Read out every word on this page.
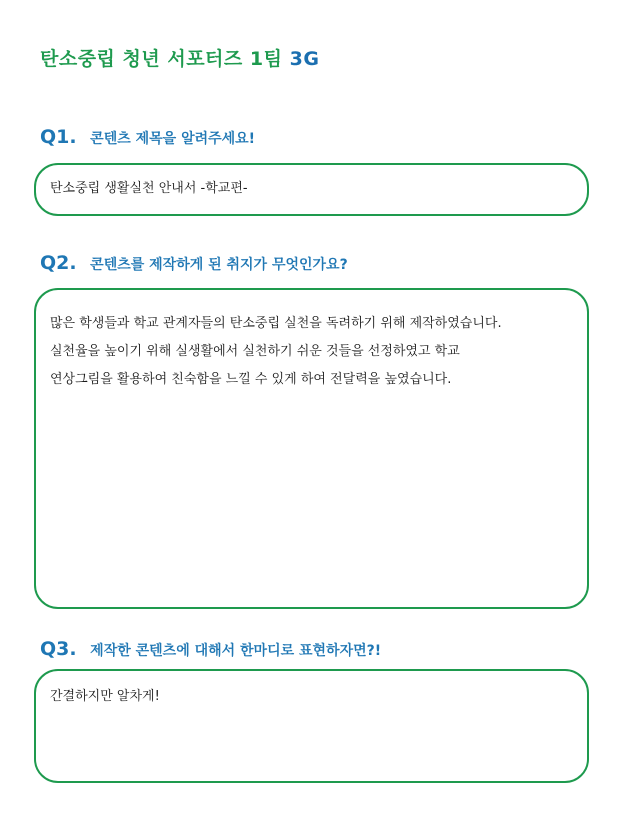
탄소중립 청년 서포터즈 1팀 3G
Q1. 콘텐츠 제목을 알려주세요!
탄소중립 생활실천 안내서 -학교편-
Q2. 콘텐츠를 제작하게 된 취지가 무엇인가요?
많은 학생들과 학교 관계자들의 탄소중립 실천을 독려하기 위해 제작하였습니다.
실천율을 높이기 위해 실생활에서 실천하기 쉬운 것들을 선정하였고 학교
연상그림을 활용하여 친숙함을 느낄 수 있게 하여 전달력을 높였습니다.
Q3. 제작한 콘텐츠에 대해서 한마디로 표현하자면?!
간결하지만 알차게!
